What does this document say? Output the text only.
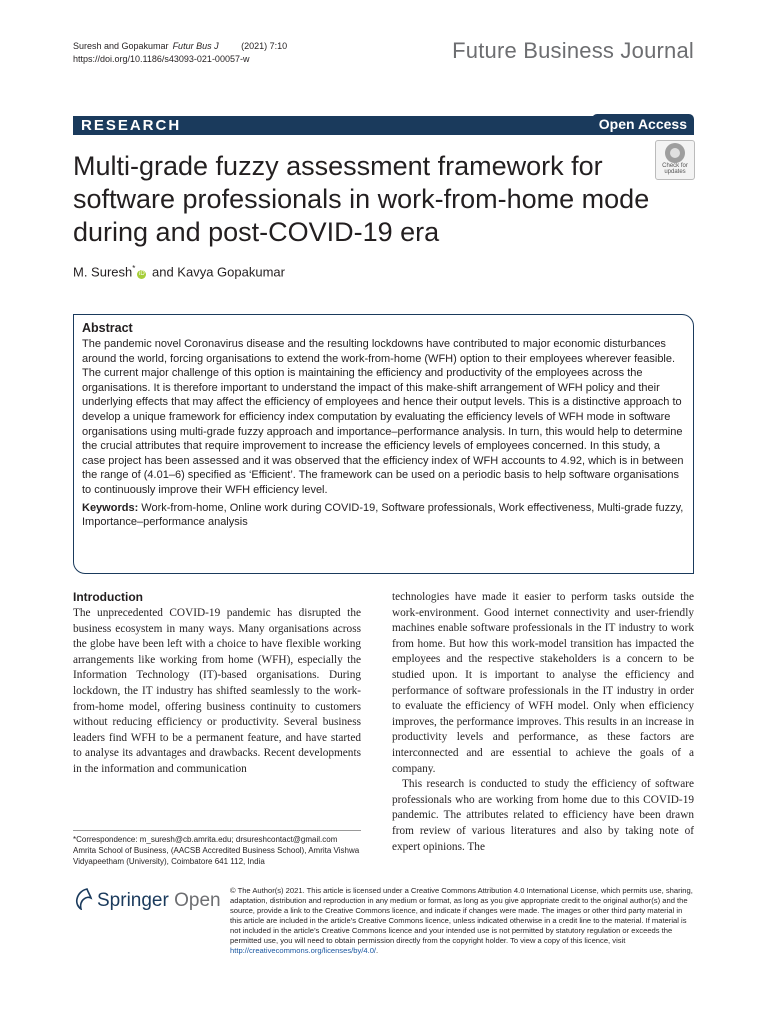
Suresh and Gopakumar Futur Bus J	(2021) 7:10
https://doi.org/10.1186/s43093-021-00057-w	Future Business Journal
RESEARCH	Open Access
Multi-grade fuzzy assessment framework for software professionals in work-from-home mode during and post-COVID-19 era
Check for
updates
M. Suresh*iD and Kavya Gopakumar
Abstract

The pandemic novel Coronavirus disease and the resulting lockdowns have contributed to major economic disturbances around the world, forcing organisations to extend the work-from-home (WFH) option to their employees wherever feasible. The current major challenge of this option is maintaining the efficiency and productivity of the employees across the organisations. It is therefore important to understand the impact of this make-shift arrangement of WFH policy and their underlying effects that may affect the efficiency of employees and hence their output levels. This is a distinctive approach to develop a unique framework for efficiency index computation by evaluating the efficiency levels of WFH mode in software organisations using multi-grade fuzzy approach and importance–performance analysis. In turn, this would help to determine the crucial attributes that require improvement to increase the efficiency levels of employees concerned. In this study, a case project has been assessed and it was observed that the efficiency index of WFH accounts to 4.92, which is in between the range of (4.01–6) specified as ‘Efficient’. The framework can be used on a periodic basis to help software organisations to continuously improve their WFH efficiency level.

Keywords: Work-from-home, Online work during COVID-19, Software professionals, Work effectiveness, Multi-grade fuzzy, Importance–performance analysis
Introduction

The unprecedented COVID-19 pandemic has disrupted the business ecosystem in many ways. Many organisations across the globe have been left with a choice to have flexible working arrangements like working from home (WFH), especially the Information Technology (IT)-based organisations. During lockdown, the IT industry has shifted seamlessly to the work-from-home model, offering business continuity to customers without reducing efficiency or productivity. Several business leaders find WFH to be a permanent feature, and have started to analyse its advantages and drawbacks. Recent developments in the information and communication

technologies have made it easier to perform tasks outside the work-environment. Good internet connectivity and user-friendly machines enable software professionals in the IT industry to work from home. But how this work-model transition has impacted the employees and the respective stakeholders is a concern to be studied upon. It is important to analyse the efficiency and performance of software professionals in the IT industry in order to evaluate the efficiency of WFH model. Only when efficiency improves, the performance improves. This results in an increase in productivity levels and performance, as these factors are interconnected and are essential to achieve the goals of a company.

This research is conducted to study the efficiency of software professionals who are working from home due to this COVID-19 pandemic. The attributes related to efficiency have been drawn from review of various literatures and also by taking note of expert opinions. The

*Correspondence: m_suresh@cb.amrita.edu; drsureshcontact@gmail.com
Amrita School of Business, (AACSB Accredited Business School), Amrita Vishwa Vidyapeetham (University), Coimbatore 641 112, India
Springer Open © The Author(s) 2021. This article is licensed under a Creative Commons Attribution 4.0 International License, which permits use, sharing, adaptation, distribution and reproduction in any medium or format, as long as you give appropriate credit to the original author(s) and the source, provide a link to the Creative Commons licence, and indicate if changes were made. The images or other third party material in this article are included in the article’s Creative Commons licence, unless indicated otherwise in a credit line to the material. If material is not included in the article’s Creative Commons licence and your intended use is not permitted by statutory regulation or exceeds the permitted use, you will need to obtain permission directly from the copyright holder. To view a copy of this licence, visit http://creativecommons.org/licenses/by/4.0/.
